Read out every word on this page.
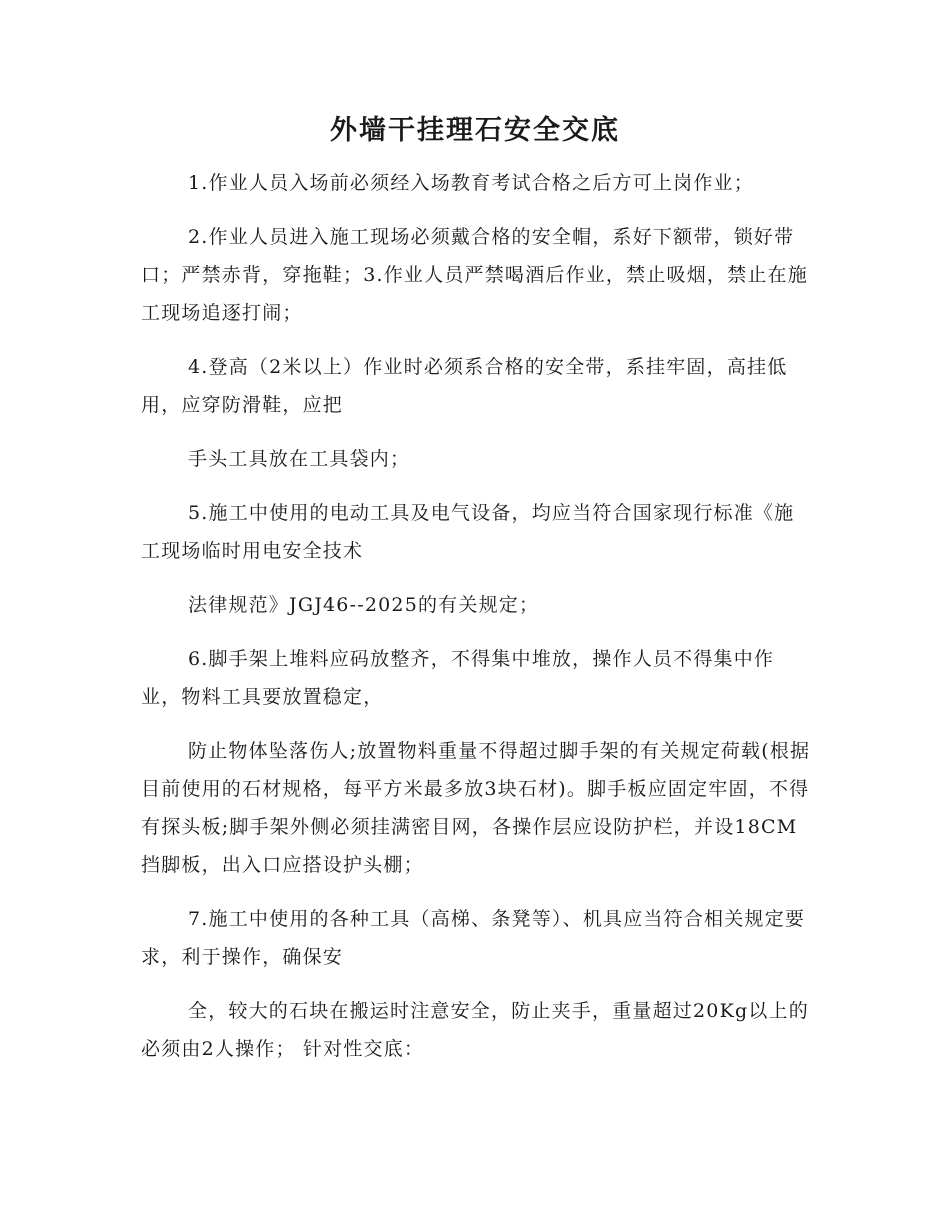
外墙干挂理石安全交底

1.作业人员入场前必须经入场教育考试合格之后方可上岗作业；

2.作业人员进入施工现场必须戴合格的安全帽，系好下额带，锁好带口；严禁赤背，穿拖鞋；3.作业人员严禁喝酒后作业，禁止吸烟，禁止在施工现场追逐打闹；

4.登高（2米以上）作业时必须系合格的安全带，系挂牢固，高挂低用，应穿防滑鞋，应把

手头工具放在工具袋内；

5.施工中使用的电动工具及电气设备，均应当符合国家现行标准《施工现场临时用电安全技术

法律规范》JGJ46--2025的有关规定；

6.脚手架上堆料应码放整齐，不得集中堆放，操作人员不得集中作业，物料工具要放置稳定，

防止物体坠落伤人;放置物料重量不得超过脚手架的有关规定荷载(根据目前使用的石材规格，每平方米最多放3块石材)。脚手板应固定牢固，不得有探头板;脚手架外侧必须挂满密目网，各操作层应设防护栏，并设18CM挡脚板，出入口应搭设护头棚；

7.施工中使用的各种工具（高梯、条凳等）、机具应当符合相关规定要求，利于操作，确保安

全，较大的石块在搬运时注意安全，防止夹手，重量超过20Kg以上的必须由2人操作； 针对性交底：
